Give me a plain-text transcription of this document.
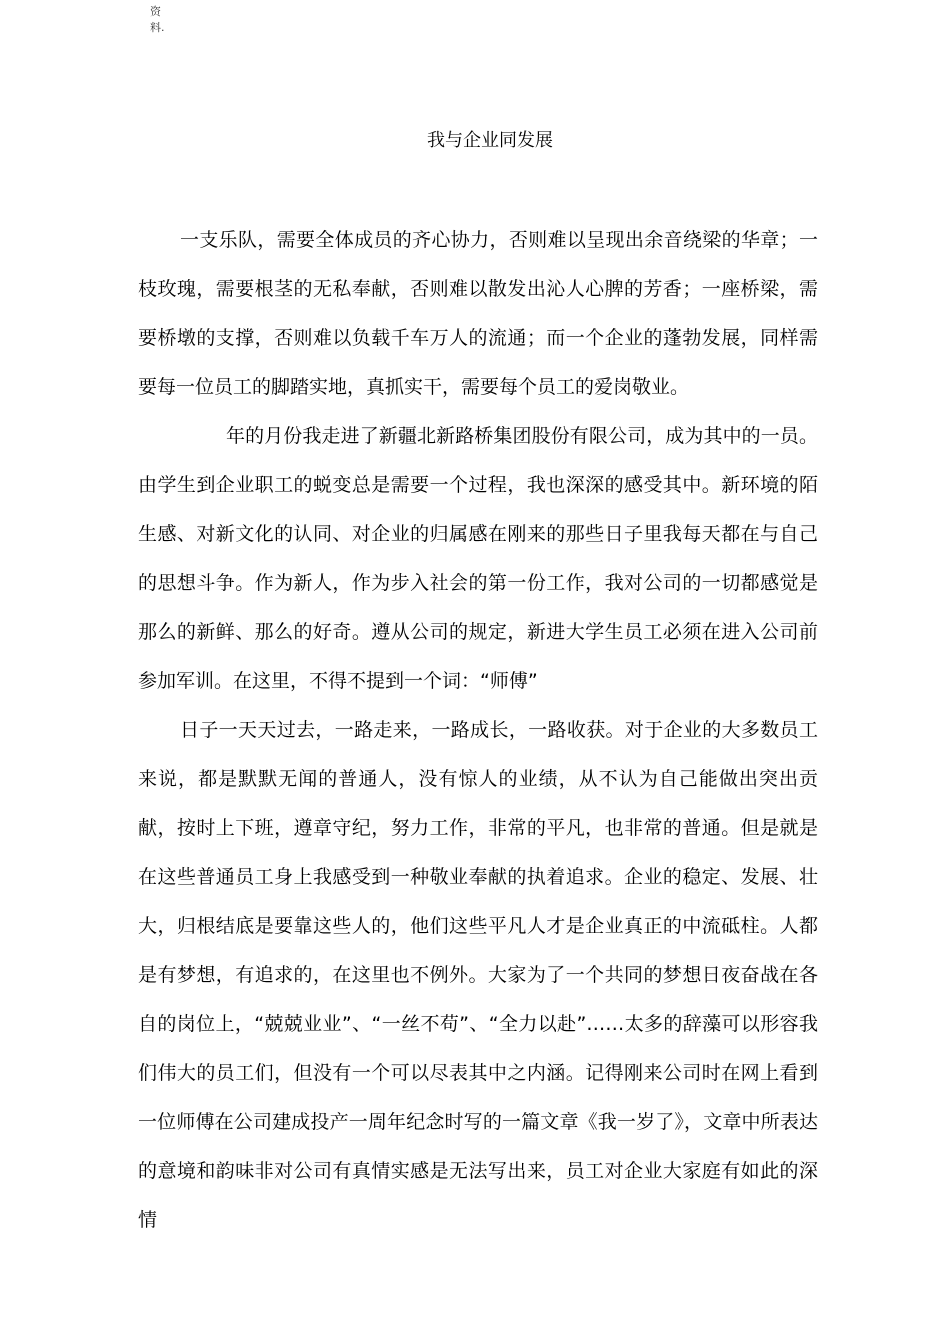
资
料.
我与企业同发展

一支乐队，需要全体成员的齐心协力，否则难以呈现出余音绕梁的华章；一枝玫瑰，需要根茎的无私奉献，否则难以散发出沁人心脾的芳香；一座桥梁，需要桥墩的支撑，否则难以负载千车万人的流通；而一个企业的蓬勃发展，同样需要每一位员工的脚踏实地，真抓实干，需要每个员工的爱岗敬业。

年的月份我走进了新疆北新路桥集团股份有限公司，成为其中的一员。由学生到企业职工的蜕变总是需要一个过程，我也深深的感受其中。新环境的陌生感、对新文化的认同、对企业的归属感在刚来的那些日子里我每天都在与自己的思想斗争。作为新人，作为步入社会的第一份工作，我对公司的一切都感觉是那么的新鲜、那么的好奇。遵从公司的规定，新进大学生员工必须在进入公司前参加军训。在这里，不得不提到一个词：“师傅”

日子一天天过去，一路走来，一路成长，一路收获。对于企业的大多数员工来说，都是默默无闻的普通人，没有惊人的业绩，从不认为自己能做出突出贡献，按时上下班，遵章守纪，努力工作，非常的平凡，也非常的普通。但是就是在这些普通员工身上我感受到一种敬业奉献的执着追求。企业的稳定、发展、壮大，归根结底是要靠这些人的，他们这些平凡人才是企业真正的中流砥柱。人都是有梦想，有追求的，在这里也不例外。大家为了一个共同的梦想日夜奋战在各自的岗位上，“兢兢业业”、“一丝不苟”、“全力以赴”……太多的辞藻可以形容我们伟大的员工们，但没有一个可以尽表其中之内涵。记得刚来公司时在网上看到一位师傅在公司建成投产一周年纪念时写的一篇文章《我一岁了》，文章中所表达的意境和韵味非对公司有真情实感是无法写出来，员工对企业大家庭有如此的深情
